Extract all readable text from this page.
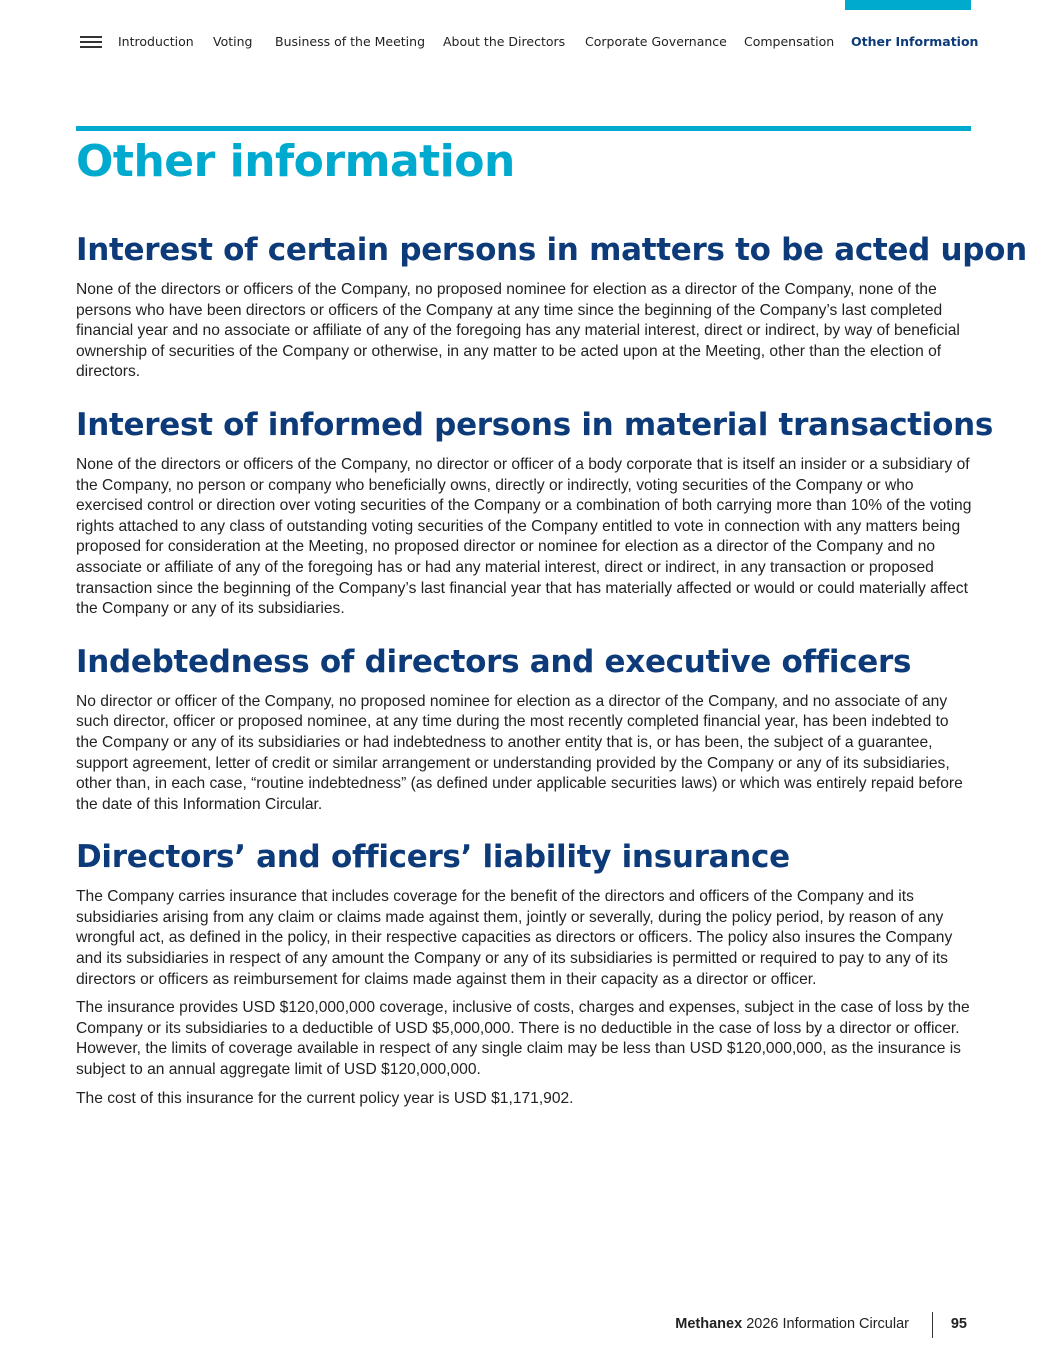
Introduction Voting Business of the Meeting About the Directors Corporate Governance Compensation Other Information
Other information
Interest of certain persons in matters to be acted upon

None of the directors or officers of the Company, no proposed nominee for election as a director of the Company, none of the persons who have been directors or officers of the Company at any time since the beginning of the Company’s last completed financial year and no associate or affiliate of any of the foregoing has any material interest, direct or indirect, by way of beneficial ownership of securities of the Company or otherwise, in any matter to be acted upon at the Meeting, other than the election of directors.

Interest of informed persons in material transactions

None of the directors or officers of the Company, no director or officer of a body corporate that is itself an insider or a subsidiary of the Company, no person or company who beneficially owns, directly or indirectly, voting securities of the Company or who exercised control or direction over voting securities of the Company or a combination of both carrying more than 10% of the voting rights attached to any class of outstanding voting securities of the Company entitled to vote in connection with any matters being proposed for consideration at the Meeting, no proposed director or nominee for election as a director of the Company and no associate or affiliate of any of the foregoing has or had any material interest, direct or indirect, in any transaction or proposed transaction since the beginning of the Company’s last financial year that has materially affected or would or could materially affect the Company or any of its subsidiaries.

Indebtedness of directors and executive officers

No director or officer of the Company, no proposed nominee for election as a director of the Company, and no associate of any such director, officer or proposed nominee, at any time during the most recently completed financial year, has been indebted to the Company or any of its subsidiaries or had indebtedness to another entity that is, or has been, the subject of a guarantee, support agreement, letter of credit or similar arrangement or understanding provided by the Company or any of its subsidiaries, other than, in each case, “routine indebtedness” (as defined under applicable securities laws) or which was entirely repaid before the date of this Information Circular.

Directors’ and officers’ liability insurance

The Company carries insurance that includes coverage for the benefit of the directors and officers of the Company and its subsidiaries arising from any claim or claims made against them, jointly or severally, during the policy period, by reason of any wrongful act, as defined in the policy, in their respective capacities as directors or officers. The policy also insures the Company and its subsidiaries in respect of any amount the Company or any of its subsidiaries is permitted or required to pay to any of its directors or officers as reimbursement for claims made against them in their capacity as a director or officer.

The insurance provides USD $120,000,000 coverage, inclusive of costs, charges and expenses, subject in the case of loss by the Company or its subsidiaries to a deductible of USD $5,000,000. There is no deductible in the case of loss by a director or officer. However, the limits of coverage available in respect of any single claim may be less than USD $120,000,000, as the insurance is subject to an annual aggregate limit of USD $120,000,000.

The cost of this insurance for the current policy year is USD $1,171,902.

Methanex 2026 Information Circular	95
